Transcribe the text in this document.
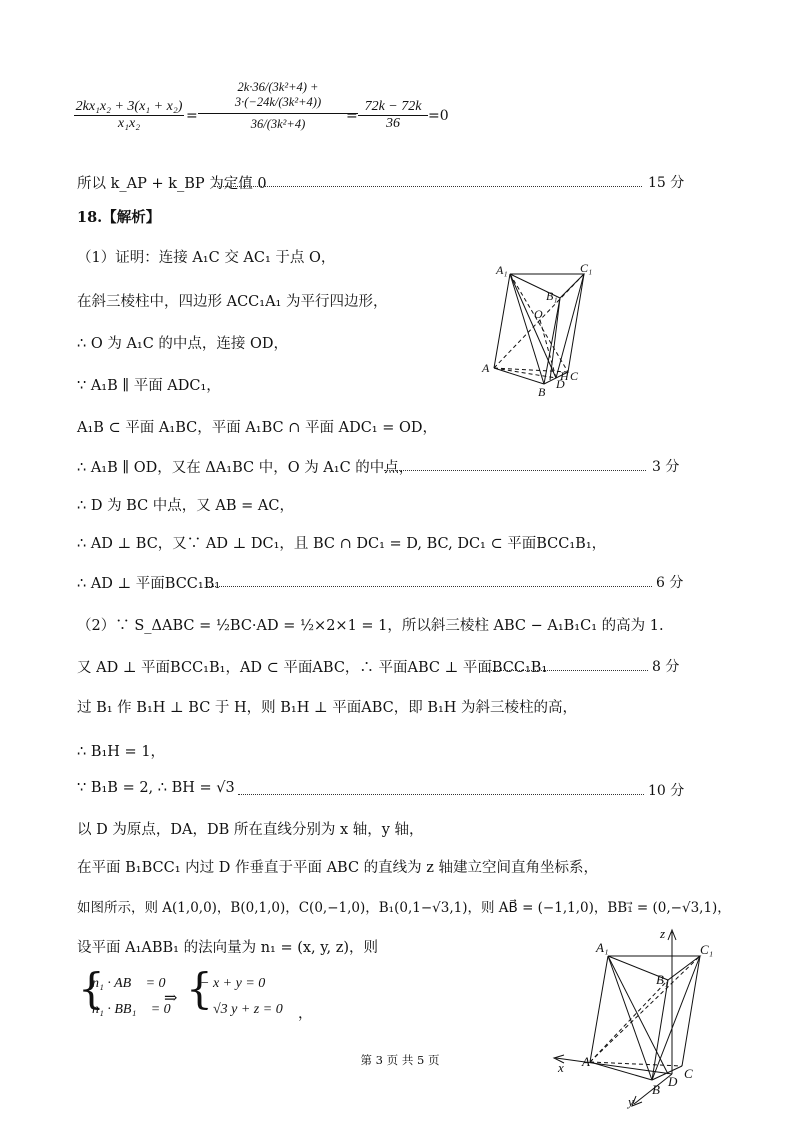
$\frac{\text{2kx₁x₂ + 3(x₁ + x₂)}}{\text{x₁x₂}} = \frac{\text{2k·36/(3k²+4) + 3·(−24k/(3k²+4))}}{\text{36/(3k²+4)}}$
= $\frac{72k - 72k}{36} =0$
所以 k_AP + k_BP 为定值 0	15 分
18.【解析】
（1）证明：连接 A₁C 交 AC₁ 于点 O，
在斜三棱柱中，四边形 ACC₁A₁ 为平行四边形，
∴ O 为 A₁C 的中点，连接 OD，
∵ A₁B ∥ 平面 ADC₁，
A₁B ⊂ 平面 A₁BC，平面 A₁BC ∩ 平面 ADC₁ = OD，
∴ A₁B ∥ OD，又在 ΔA₁BC 中，O 为 A₁C 的中点，	3 分
∴ D 为 BC 中点，又 AB = AC，
∴ AD ⊥ BC，又∵ AD ⊥ DC₁，且 BC ∩ DC₁ = D, BC, DC₁ ⊂ 平面BCC₁B₁，
∴ AD ⊥ 平面BCC₁B₁	6 分
（2）∵ S_ΔABC = ½BC·AD = ½×2×1 = 1，所以斜三棱柱 ABC − A₁B₁C₁ 的高为 1.
又 AD ⊥ 平面BCC₁B₁，AD ⊂ 平面ABC，∴ 平面ABC ⊥ 平面BCC₁B₁	8 分
过 B₁ 作 B₁H ⊥ BC 于 H，则 B₁H ⊥ 平面ABC，即 B₁H 为斜三棱柱的高，
∴ B₁H = 1，
∵ B₁B = 2, ∴ BH = √3	10 分
以 D 为原点，DA，DB 所在直线分别为 x 轴，y 轴，
在平面 B₁BCC₁ 内过 D 作垂直于平面 ABC 的直线为 z 轴建立空间直角坐标系，
如图所示，则 A(1,0,0)，B(0,1,0)，C(0,−1,0)，B₁(0,1−√3,1)，则 AB⃗ = (−1,1,0)，BB₁⃗ = (0,−√3,1)，
设平面 A₁ABB₁ 的法向量为 n₁ = (x, y, z)，则
{
n₁ · AB⃗ = 0
n₁ · BB₁⃗ = 0
⇒ {
− x + y = 0
− √3 y + z = 0 ，
A₁	C₁
B₁
O
A
H C
D
B
A₁	C₁
B₁
A
B
D
C
x
y
z
第 3 页 共 5 页
